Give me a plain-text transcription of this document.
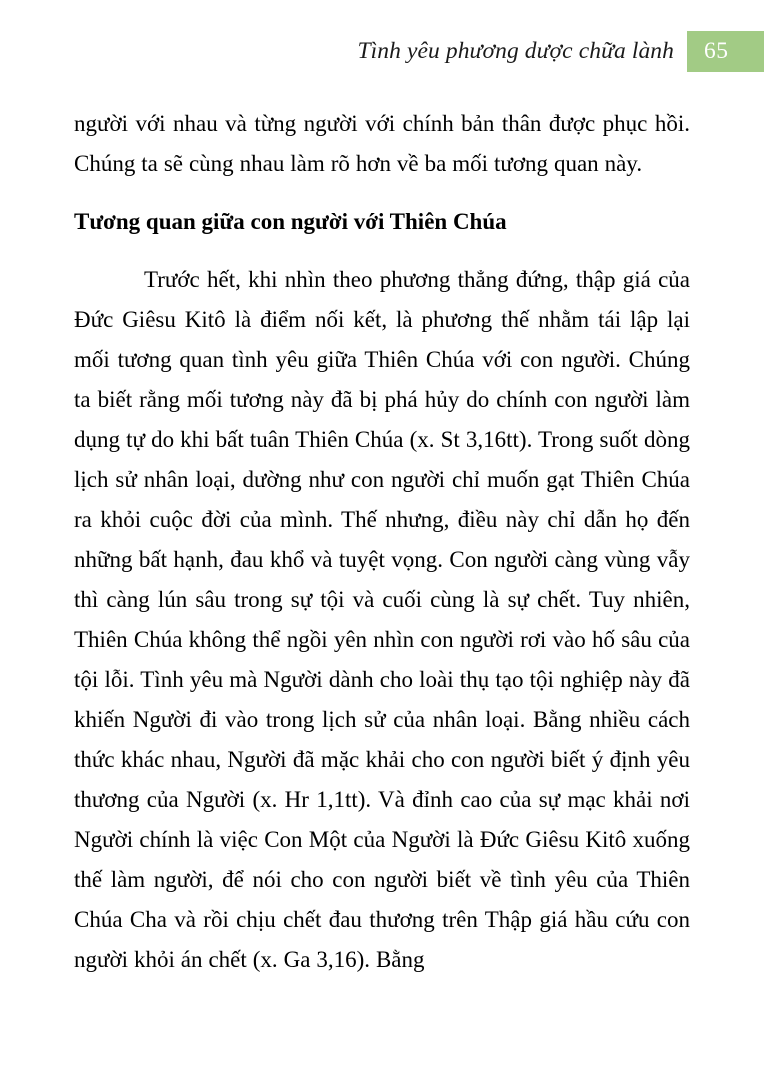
Tình yêu phương dược chữa lành 65

người với nhau và từng người với chính bản thân được phục hồi. Chúng ta sẽ cùng nhau làm rõ hơn về ba mối tương quan này.

Tương quan giữa con người với Thiên Chúa

Trước hết, khi nhìn theo phương thẳng đứng, thập giá của Đức Giêsu Kitô là điểm nối kết, là phương thế nhằm tái lập lại mối tương quan tình yêu giữa Thiên Chúa với con người. Chúng ta biết rằng mối tương này đã bị phá hủy do chính con người làm dụng tự do khi bất tuân Thiên Chúa (x. St 3,16tt). Trong suốt dòng lịch sử nhân loại, dường như con người chỉ muốn gạt Thiên Chúa ra khỏi cuộc đời của mình. Thế nhưng, điều này chỉ dẫn họ đến những bất hạnh, đau khổ và tuyệt vọng. Con người càng vùng vẫy thì càng lún sâu trong sự tội và cuối cùng là sự chết. Tuy nhiên, Thiên Chúa không thể ngồi yên nhìn con người rơi vào hố sâu của tội lỗi. Tình yêu mà Người dành cho loài thụ tạo tội nghiệp này đã khiến Người đi vào trong lịch sử của nhân loại. Bằng nhiều cách thức khác nhau, Người đã mặc khải cho con người biết ý định yêu thương của Người (x. Hr 1,1tt). Và đỉnh cao của sự mạc khải nơi Người chính là việc Con Một của Người là Đức Giêsu Kitô xuống thế làm người, để nói cho con người biết về tình yêu của Thiên Chúa Cha và rồi chịu chết đau thương trên Thập giá hầu cứu con người khỏi án chết (x. Ga 3,16). Bằng
